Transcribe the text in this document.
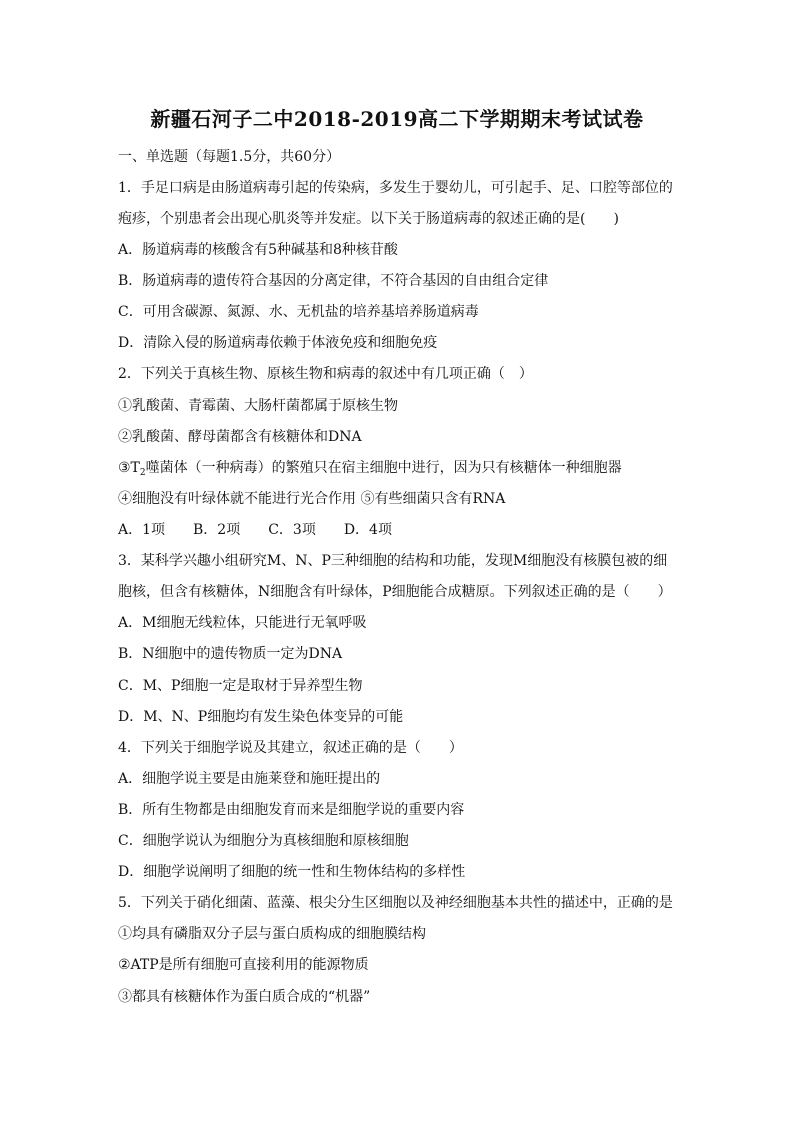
新疆石河子二中2018-2019高二下学期期末考试试卷
一、单选题（每题1.5分，共60分）
1．手足口病是由肠道病毒引起的传染病，多发生于婴幼儿，可引起手、足、口腔等部位的
疱疹，个别患者会出现心肌炎等并发症。以下关于肠道病毒的叙述正确的是(　　)
A．肠道病毒的核酸含有5种碱基和8种核苷酸
B．肠道病毒的遗传符合基因的分离定律，不符合基因的自由组合定律
C．可用含碳源、氮源、水、无机盐的培养基培养肠道病毒
D．清除入侵的肠道病毒依赖于体液免疫和细胞免疫
2．下列关于真核生物、原核生物和病毒的叙述中有几项正确（　）
①乳酸菌、青霉菌、大肠杆菌都属于原核生物
②乳酸菌、酵母菌都含有核糖体和DNA
$③T_2$噬菌体（一种病毒）的繁殖只在宿主细胞中进行，因为只有核糖体一种细胞器
④细胞没有叶绿体就不能进行光合作用 ⑤有些细菌只含有RNA
A．1项　　B．2项　　C．3项　　D．4项
3．某科学兴趣小组研究M、N、P三种细胞的结构和功能，发现M细胞没有核膜包被的细
胞核，但含有核糖体，N细胞含有叶绿体，P细胞能合成糖原。下列叙述正确的是（　　）
A．M细胞无线粒体，只能进行无氧呼吸
B．N细胞中的遗传物质一定为DNA
C．M、P细胞一定是取材于异养型生物
D．M、N、P细胞均有发生染色体变异的可能
4．下列关于细胞学说及其建立，叙述正确的是（　　）
A．细胞学说主要是由施莱登和施旺提出的
B．所有生物都是由细胞发育而来是细胞学说的重要内容
C．细胞学说认为细胞分为真核细胞和原核细胞
D．细胞学说阐明了细胞的统一性和生物体结构的多样性
5．下列关于硝化细菌、蓝藻、根尖分生区细胞以及神经细胞基本共性的描述中，正确的是
①均具有磷脂双分子层与蛋白质构成的细胞膜结构
②ATP是所有细胞可直接利用的能源物质
③都具有核糖体作为蛋白质合成的“机器”
